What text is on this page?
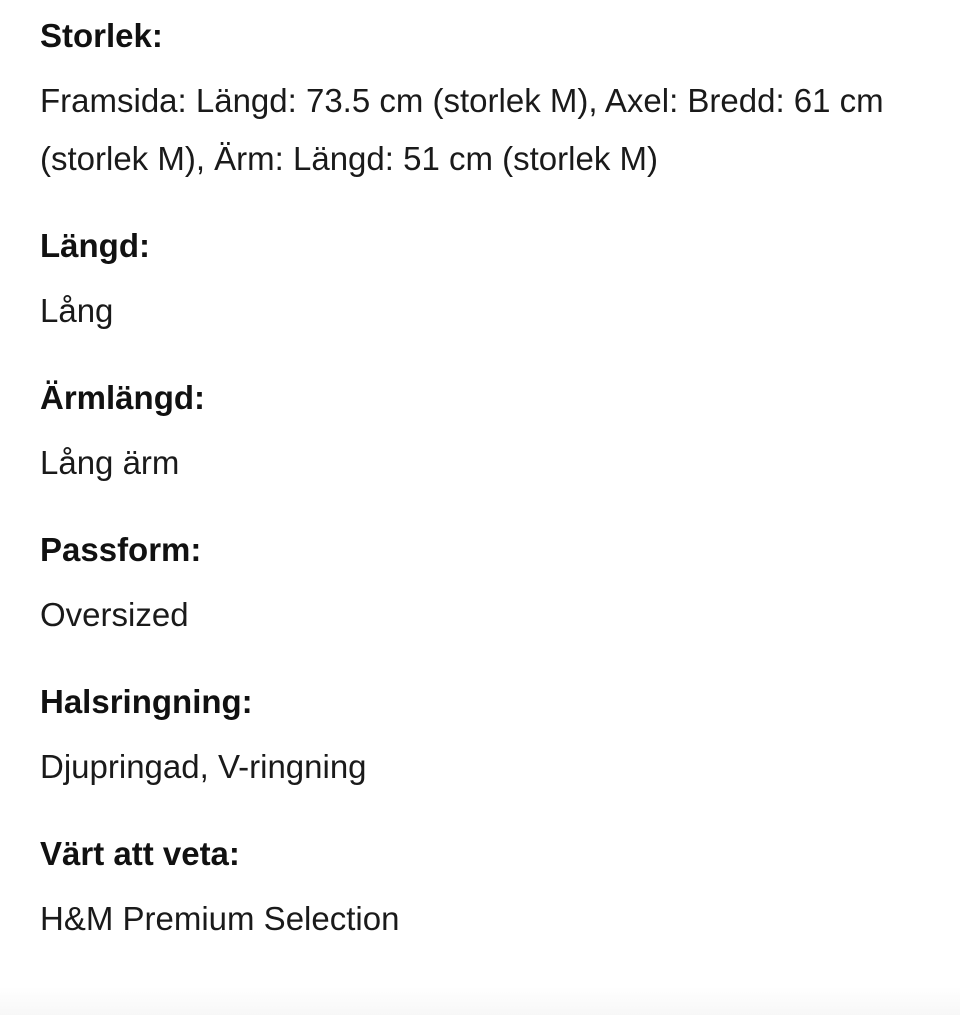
Storlek:
Framsida: Längd: 73.5 cm (storlek M), Axel: Bredd: 61 cm (storlek M), Ärm: Längd: 51 cm (storlek M)
Längd:
Lång
Ärmlängd:
Lång ärm
Passform:
Oversized
Halsringning:
Djupringad, V-ringning
Värt att veta:
H&M Premium Selection
